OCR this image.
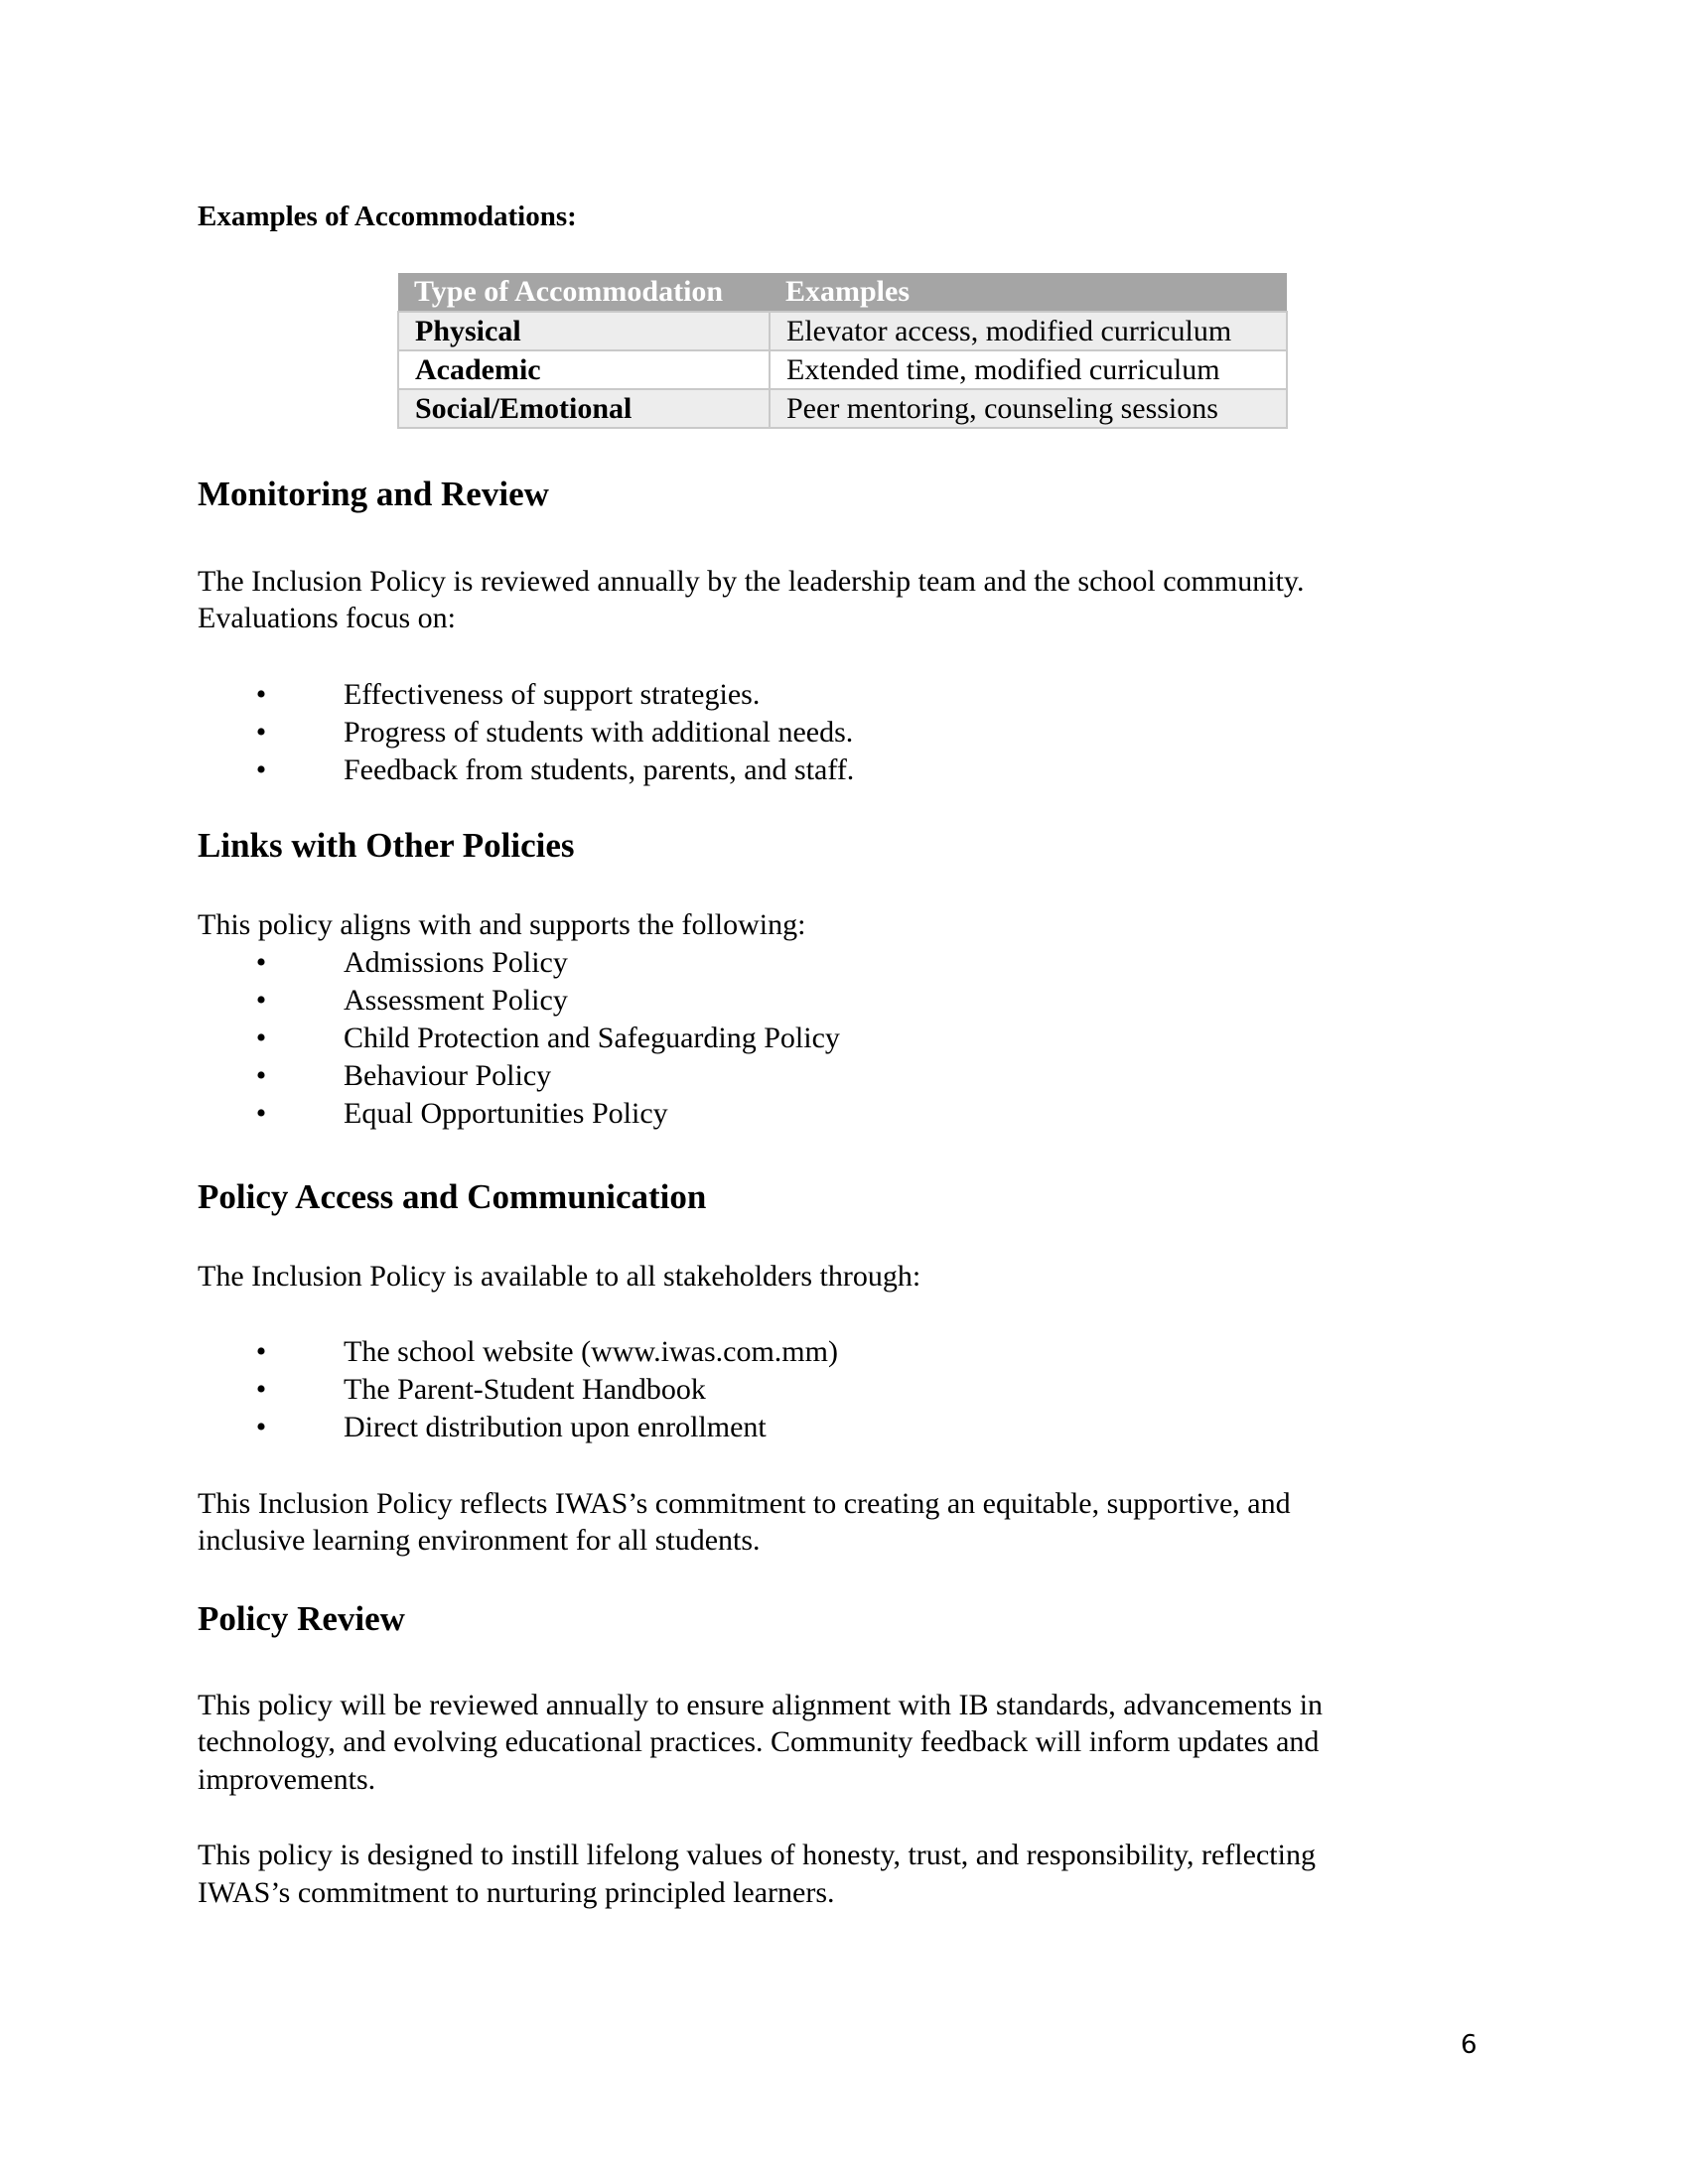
Examples of Accommodations:
Type of Accommodation	Examples
Physical	Elevator access, modified curriculum
Academic	Extended time, modified curriculum
Social/Emotional	Peer mentoring, counseling sessions
Monitoring and Review
The Inclusion Policy is reviewed annually by the leadership team and the school community.
Evaluations focus on:
•	Effectiveness of support strategies.
•	Progress of students with additional needs.
•	Feedback from students, parents, and staff.
Links with Other Policies
This policy aligns with and supports the following:
•	Admissions Policy
•	Assessment Policy
•	Child Protection and Safeguarding Policy
•	Behaviour Policy
•	Equal Opportunities Policy
Policy Access and Communication
The Inclusion Policy is available to all stakeholders through:
•	The school website (www.iwas.com.mm)
•	The Parent-Student Handbook
•	Direct distribution upon enrollment
This Inclusion Policy reflects IWAS’s commitment to creating an equitable, supportive, and
inclusive learning environment for all students.
Policy Review
This policy will be reviewed annually to ensure alignment with IB standards, advancements in
technology, and evolving educational practices. Community feedback will inform updates and
improvements.
This policy is designed to instill lifelong values of honesty, trust, and responsibility, reflecting
IWAS’s commitment to nurturing principled learners.
6
